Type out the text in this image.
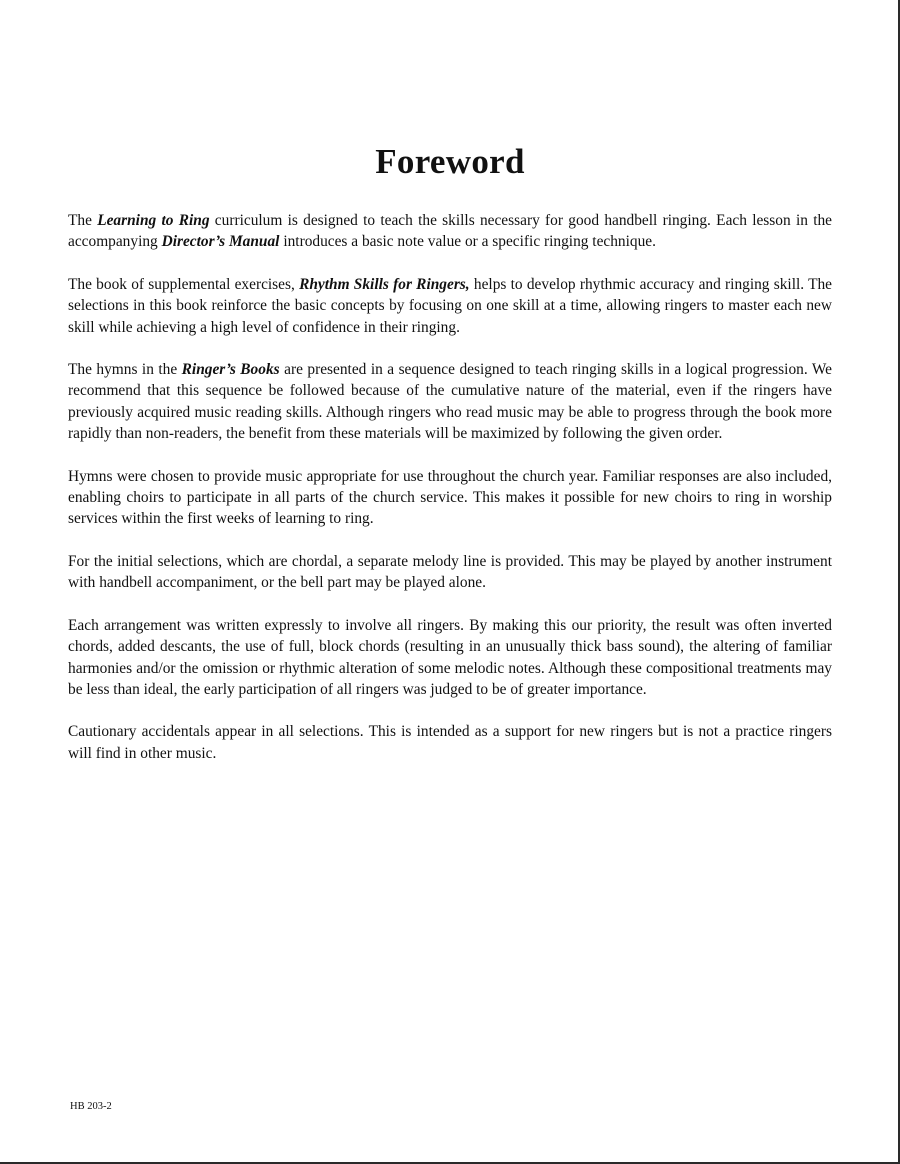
Foreword

The Learning to Ring curriculum is designed to teach the skills necessary for good handbell ringing. Each lesson in the accompanying Director’s Manual introduces a basic note value or a specific ringing technique.

The book of supplemental exercises, Rhythm Skills for Ringers, helps to develop rhythmic accuracy and ringing skill. The selections in this book reinforce the basic concepts by focusing on one skill at a time, allowing ringers to master each new skill while achieving a high level of confidence in their ringing.

The hymns in the Ringer’s Books are presented in a sequence designed to teach ringing skills in a logical progression. We recommend that this sequence be followed because of the cumulative nature of the material, even if the ringers have previously acquired music reading skills. Although ringers who read music may be able to progress through the book more rapidly than non-readers, the benefit from these materials will be maximized by following the given order.

Hymns were chosen to provide music appropriate for use throughout the church year. Familiar responses are also included, enabling choirs to participate in all parts of the church service. This makes it possible for new choirs to ring in worship services within the first weeks of learning to ring.

For the initial selections, which are chordal, a separate melody line is provided. This may be played by another instrument with handbell accompaniment, or the bell part may be played alone.

Each arrangement was written expressly to involve all ringers. By making this our priority, the result was often inverted chords, added descants, the use of full, block chords (resulting in an unusually thick bass sound), the altering of familiar harmonies and/or the omission or rhythmic alteration of some melodic notes. Although these compositional treatments may be less than ideal, the early participation of all ringers was judged to be of greater importance.

Cautionary accidentals appear in all selections. This is intended as a support for new ringers but is not a practice ringers will find in other music.

HB 203-2
